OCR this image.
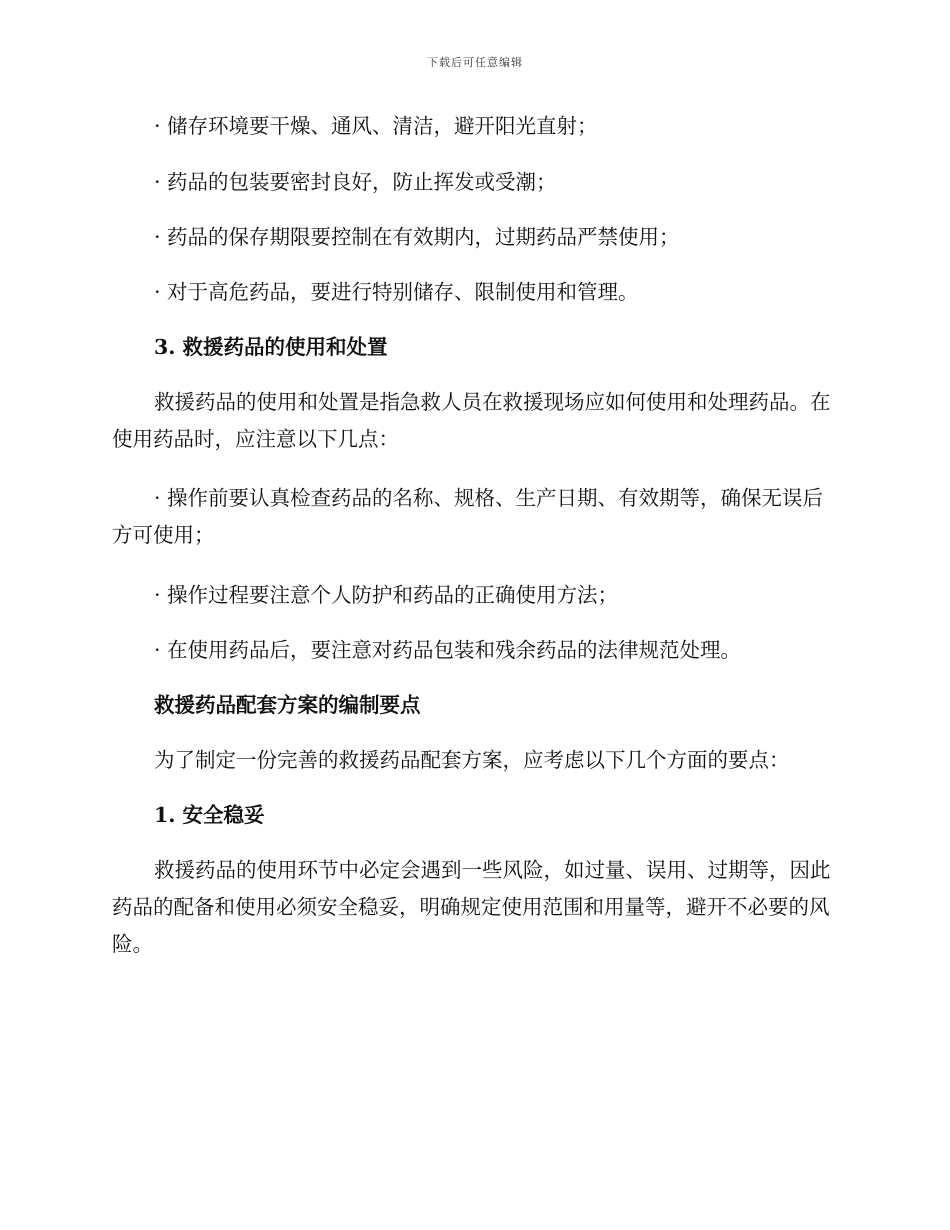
下载后可任意编辑

· 储存环境要干燥、通风、清洁，避开阳光直射；

· 药品的包装要密封良好，防止挥发或受潮；

· 药品的保存期限要控制在有效期内，过期药品严禁使用；

· 对于高危药品，要进行特别储存、限制使用和管理。

3. 救援药品的使用和处置

救援药品的使用和处置是指急救人员在救援现场应如何使用和处理药品。在使用药品时，应注意以下几点：

· 操作前要认真检查药品的名称、规格、生产日期、有效期等，确保无误后方可使用；

· 操作过程要注意个人防护和药品的正确使用方法；

· 在使用药品后，要注意对药品包装和残余药品的法律规范处理。

救援药品配套方案的编制要点

为了制定一份完善的救援药品配套方案，应考虑以下几个方面的要点：

1. 安全稳妥

救援药品的使用环节中必定会遇到一些风险，如过量、误用、过期等，因此药品的配备和使用必须安全稳妥，明确规定使用范围和用量等，避开不必要的风险。
